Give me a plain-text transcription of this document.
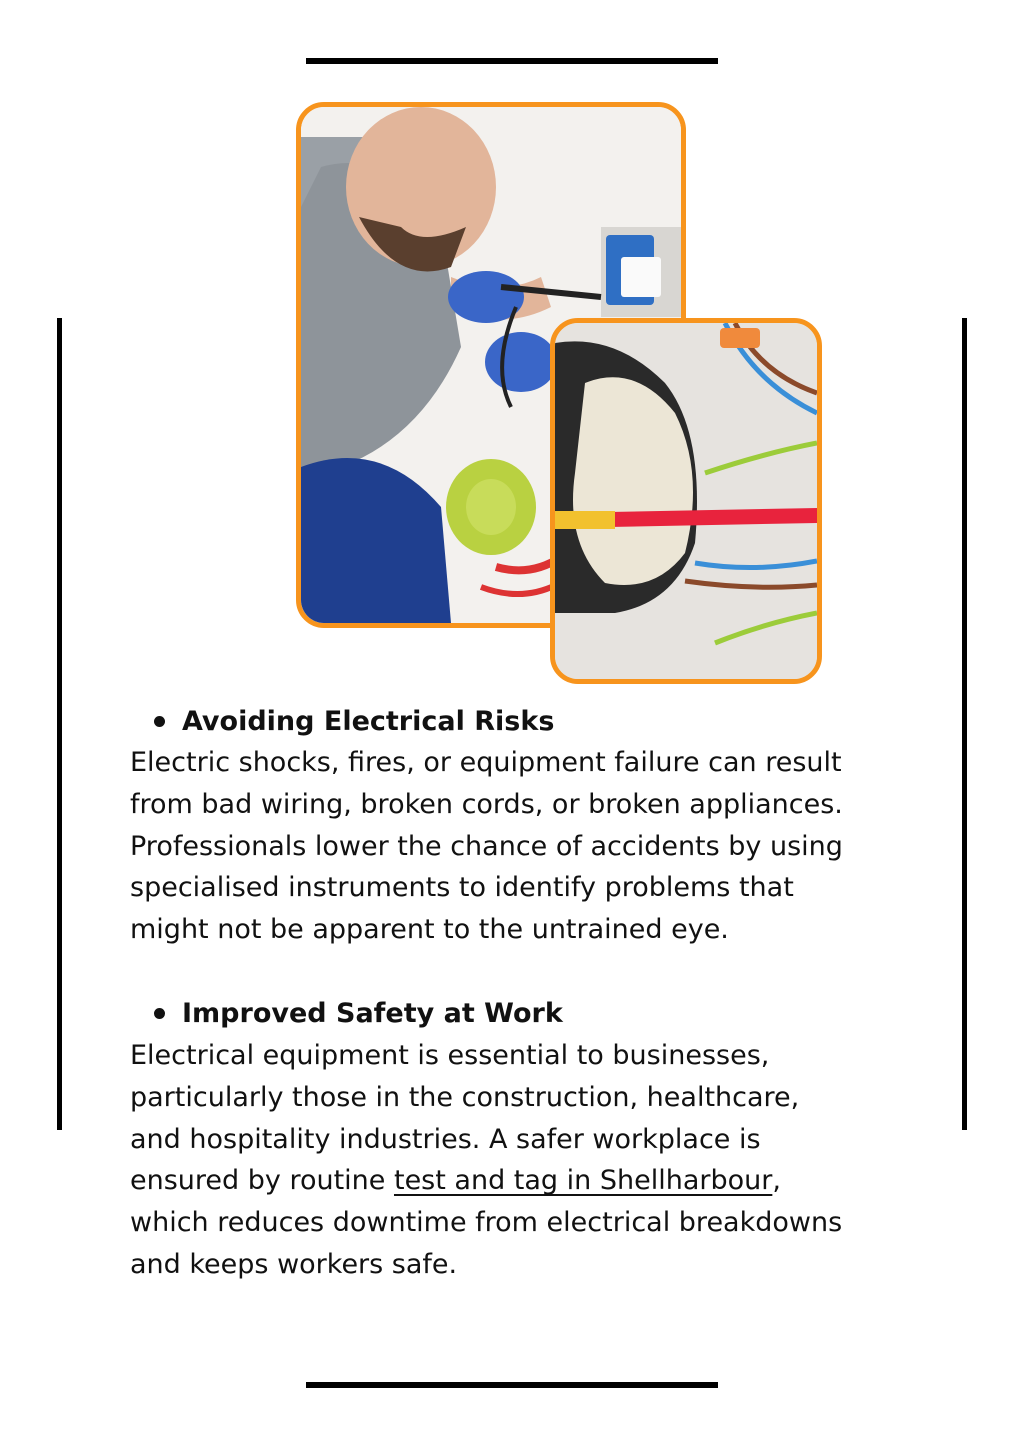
Avoiding Electrical Risks

Electric shocks, fires, or equipment failure can result from bad wiring, broken cords, or broken appliances. Professionals lower the chance of accidents by using specialised instruments to identify problems that might not be apparent to the untrained eye.

Improved Safety at Work

Electrical equipment is essential to businesses, particularly those in the construction, healthcare, and hospitality industries. A safer workplace is ensured by routine test and tag in Shellharbour, which reduces downtime from electrical breakdowns and keeps workers safe.
